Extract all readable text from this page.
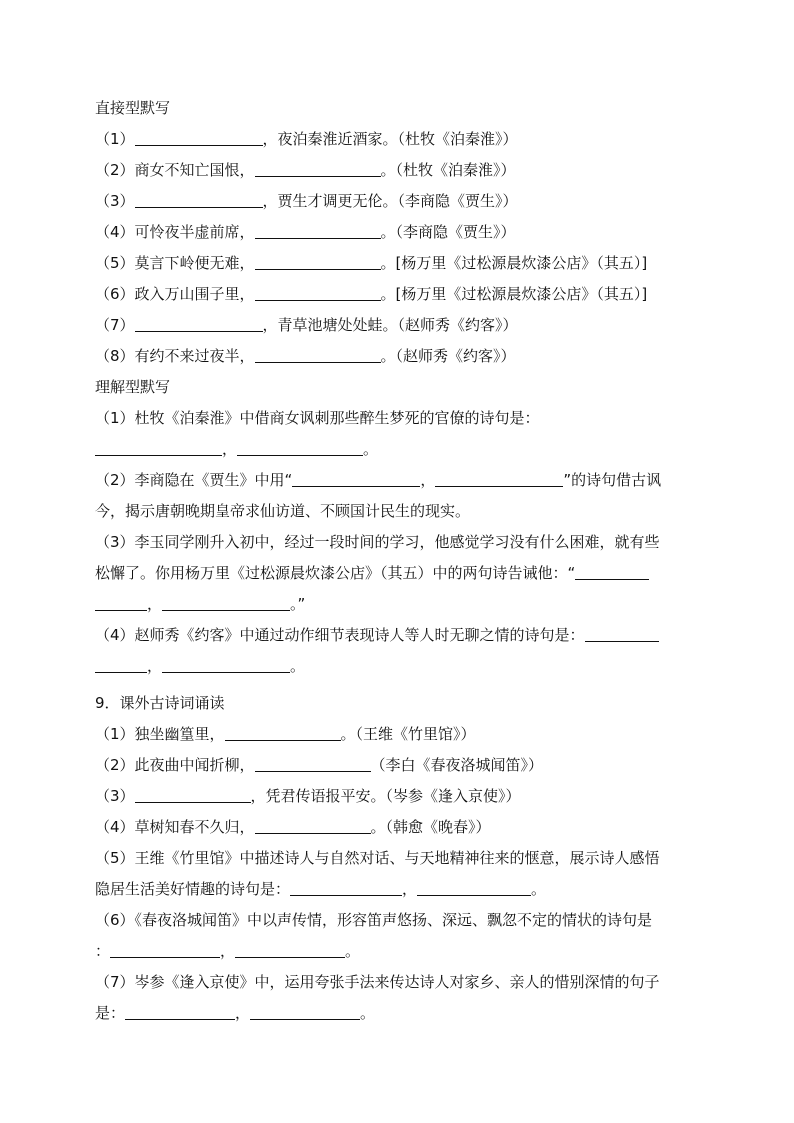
直接型默写
（1）	，夜泊秦淮近酒家。（杜牧《泊秦淮》）
（2）商女不知亡国恨，	。（杜牧《泊秦淮》）
（3）	，贾生才调更无伦。（李商隐《贾生》）
（4）可怜夜半虚前席，	。（李商隐《贾生》）
（5）莫言下岭便无难，	。[杨万里《过松源晨炊漆公店》（其五）]
（6）政入万山围子里，	。[杨万里《过松源晨炊漆公店》（其五）]
（7）	，青草池塘处处蛙。（赵师秀《约客》）
（8）有约不来过夜半，	。（赵师秀《约客》）
理解型默写
（1）杜牧《泊秦淮》中借商女讽刺那些醉生梦死的官僚的诗句是：
，	。
（2）李商隐在《贾生》中用“	，	”的诗句借古讽
今，揭示唐朝晚期皇帝求仙访道、不顾国计民生的现实。
（3）李玉同学刚升入初中，经过一段时间的学习，他感觉学习没有什么困难，就有些
松懈了。你用杨万里《过松源晨炊漆公店》（其五）中的两句诗告诫他：“
，	。”
（4）赵师秀《约客》中通过动作细节表现诗人等人时无聊之情的诗句是：
，	。
9．课外古诗词诵读
（1）独坐幽篁里，	。（王维《竹里馆》）
（2）此夜曲中闻折柳，	（李白《春夜洛城闻笛》）
（3）	，凭君传语报平安。（岑参《逢入京使》）
（4）草树知春不久归，	。（韩愈《晚春》）
（5）王维《竹里馆》中描述诗人与自然对话、与天地精神往来的惬意，展示诗人感悟
隐居生活美好情趣的诗句是：	，	。
（6）《春夜洛城闻笛》中以声传情，形容笛声悠扬、深远、飘忽不定的情状的诗句是
：	，	。
（7）岑参《逢入京使》中，运用夸张手法来传达诗人对家乡、亲人的惜别深情的句子
是：	，	。
